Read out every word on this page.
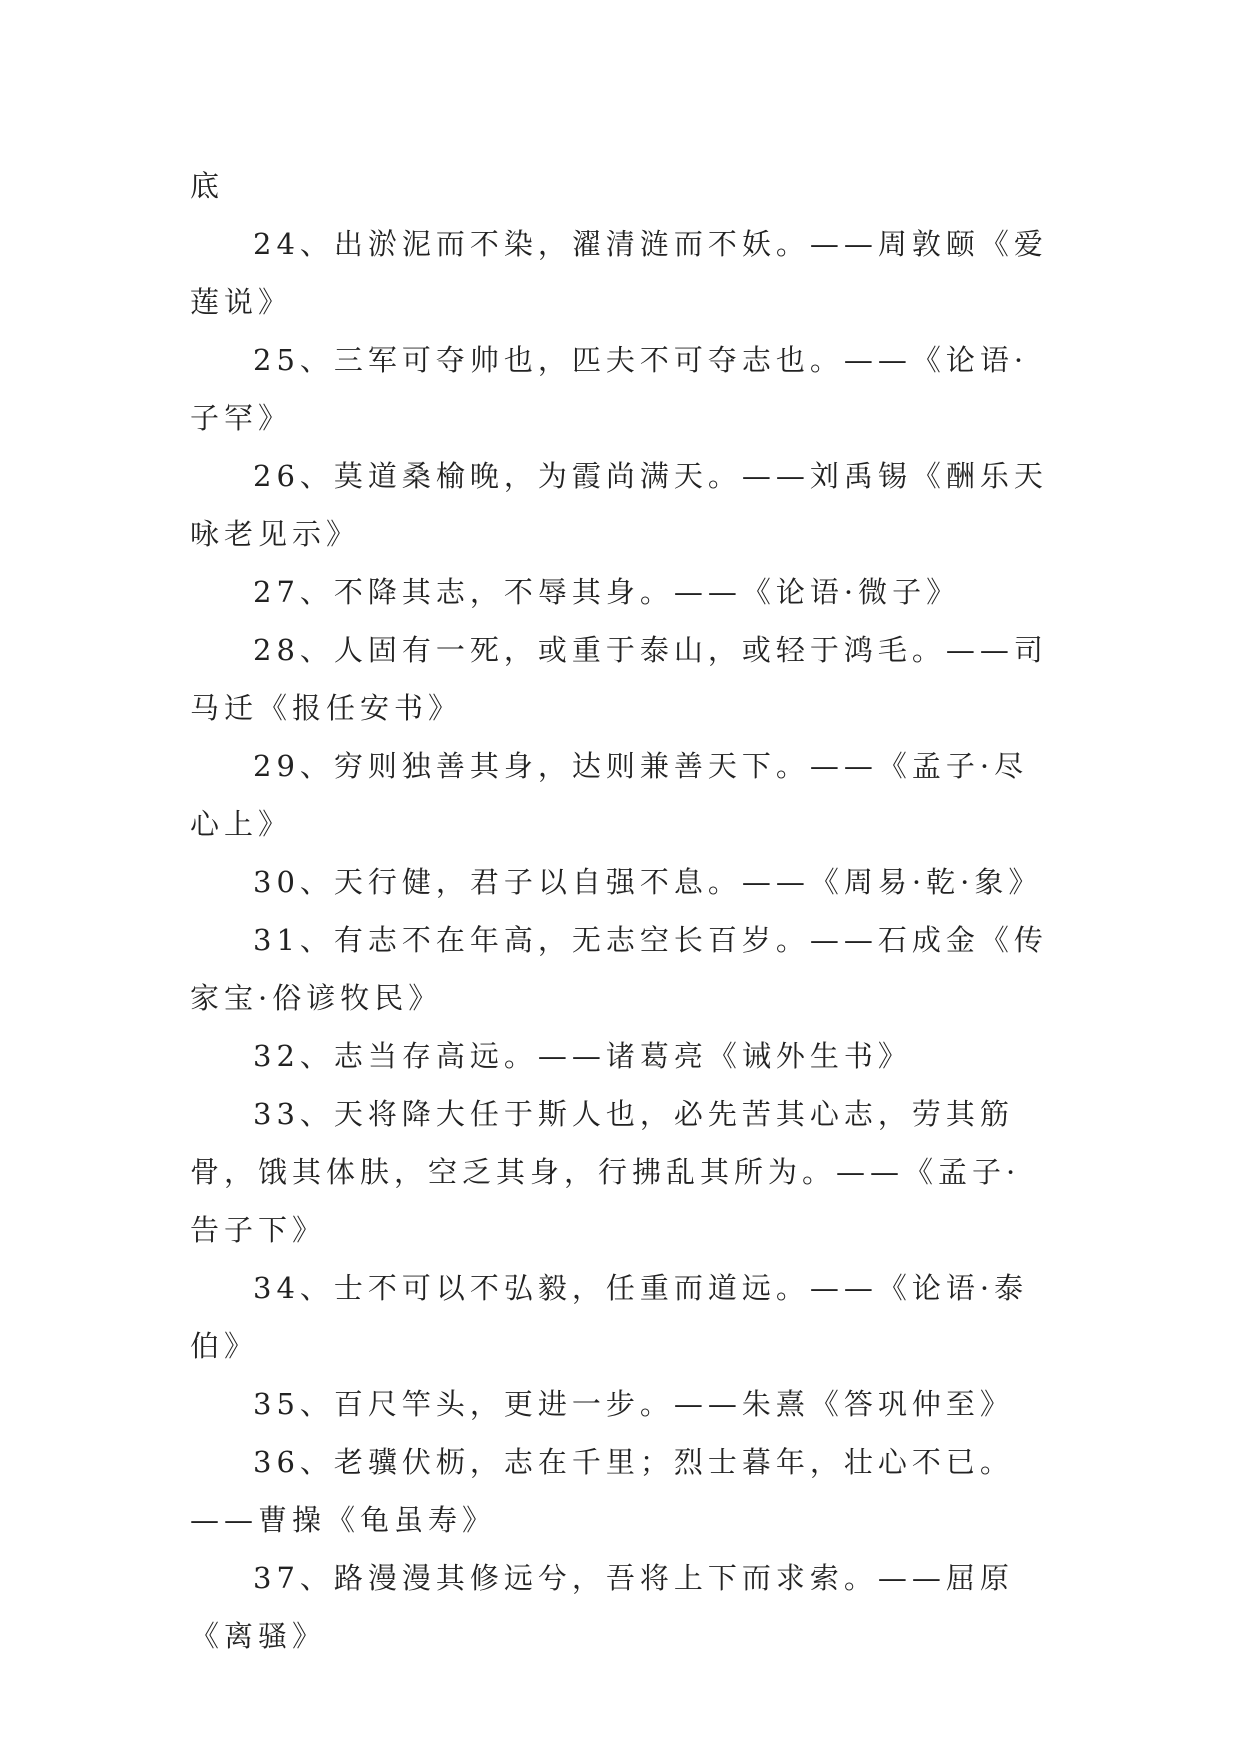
底

24、出淤泥而不染，濯清涟而不妖。——周敦颐《爱莲说》

25、三军可夺帅也，匹夫不可夺志也。——《论语·子罕》

26、莫道桑榆晚，为霞尚满天。——刘禹锡《酬乐天咏老见示》

27、不降其志，不辱其身。——《论语·微子》

28、人固有一死，或重于泰山，或轻于鸿毛。——司马迁《报任安书》

29、穷则独善其身，达则兼善天下。——《孟子·尽心上》

30、天行健，君子以自强不息。——《周易·乾·象》

31、有志不在年高，无志空长百岁。——石成金《传家宝·俗谚牧民》

32、志当存高远。——诸葛亮《诫外生书》

33、天将降大任于斯人也，必先苦其心志，劳其筋骨，饿其体肤，空乏其身，行拂乱其所为。——《孟子·告子下》

34、士不可以不弘毅，任重而道远。——《论语·泰伯》

35、百尺竿头，更进一步。——朱熹《答巩仲至》

36、老骥伏枥，志在千里；烈士暮年，壮心不已。——曹操《龟虽寿》

37、路漫漫其修远兮，吾将上下而求索。——屈原《离骚》
